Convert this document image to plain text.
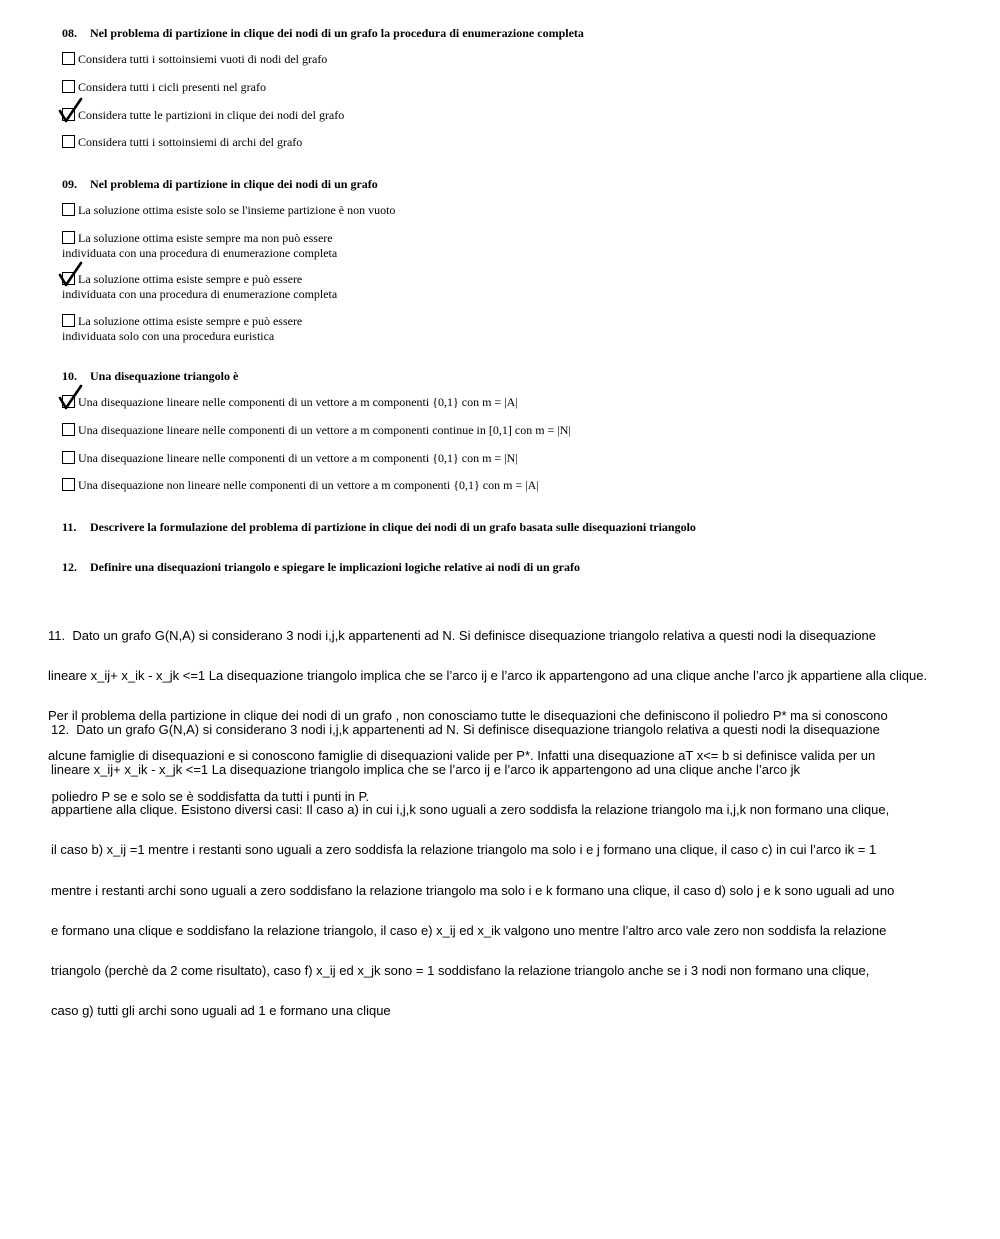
08. Nel problema di partizione in clique dei nodi di un grafo la procedura di enumerazione completa
Considera tutti i sottoinsiemi vuoti di nodi del grafo
Considera tutti i cicli presenti nel grafo
Considera tutte le partizioni in clique dei nodi del grafo
Considera tutti i sottoinsiemi di archi del grafo
09. Nel problema di partizione in clique dei nodi di un grafo
La soluzione ottima esiste solo se l'insieme partizione è non vuoto
La soluzione ottima esiste sempre ma non può essere
individuata con una procedura di enumerazione completa
La soluzione ottima esiste sempre e può essere
individuata con una procedura di enumerazione completa
La soluzione ottima esiste sempre e può essere
individuata solo con una procedura euristica
10. Una disequazione triangolo è
Una disequazione lineare nelle componenti di un vettore a m componenti {0,1} con m = |A|
Una disequazione lineare nelle componenti di un vettore a m componenti continue in [0,1] con m = |N|
Una disequazione lineare nelle componenti di un vettore a m componenti {0,1} con m = |N|
Una disequazione non lineare nelle componenti di un vettore a m componenti {0,1} con m = |A|
11. Descrivere la formulazione del problema di partizione in clique dei nodi di un grafo basata sulle disequazioni triangolo
12. Definire una disequazioni triangolo e spiegare le implicazioni logiche relative ai nodi di un grafo

11.  Dato un grafo G(N,A) si considerano 3 nodi i,j,k appartenenti ad N. Si definisce disequazione triangolo relativa a questi nodi la disequazione

lineare x_ij+ x_ik - x_jk <=1 La disequazione triangolo implica che se l’arco ij e l’arco ik appartengono ad una clique anche l’arco jk appartiene alla clique.

Per il problema della partizione in clique dei nodi di un grafo , non conosciamo tutte le disequazioni che definiscono il poliedro P* ma si conoscono

alcune famiglie di disequazioni e si conoscono famiglie di disequazioni valide per P*. Infatti una disequazione aT x<= b si definisce valida per un

poliedro P se e solo se è soddisfatta da tutti i punti in P.

12.  Dato un grafo G(N,A) si considerano 3 nodi i,j,k appartenenti ad N. Si definisce disequazione triangolo relativa a questi nodi la disequazione

lineare x_ij+ x_ik - x_jk <=1 La disequazione triangolo implica che se l’arco ij e l’arco ik appartengono ad una clique anche l’arco jk

appartiene alla clique. Esistono diversi casi: Il caso a) in cui i,j,k sono uguali a zero soddisfa la relazione triangolo ma i,j,k non formano una clique,

il caso b) x_ij =1 mentre i restanti sono uguali a zero soddisfa la relazione triangolo ma solo i e j formano una clique, il caso c) in cui l’arco ik = 1

mentre i restanti archi sono uguali a zero soddisfano la relazione triangolo ma solo i e k formano una clique, il caso d) solo j e k sono uguali ad uno

e formano una clique e soddisfano la relazione triangolo, il caso e) x_ij ed x_ik valgono uno mentre l’altro arco vale zero non soddisfa la relazione

triangolo (perchè da 2 come risultato), caso f) x_ij ed x_jk sono = 1 soddisfano la relazione triangolo anche se i 3 nodi non formano una clique,

caso g) tutti gli archi sono uguali ad 1 e formano una clique
